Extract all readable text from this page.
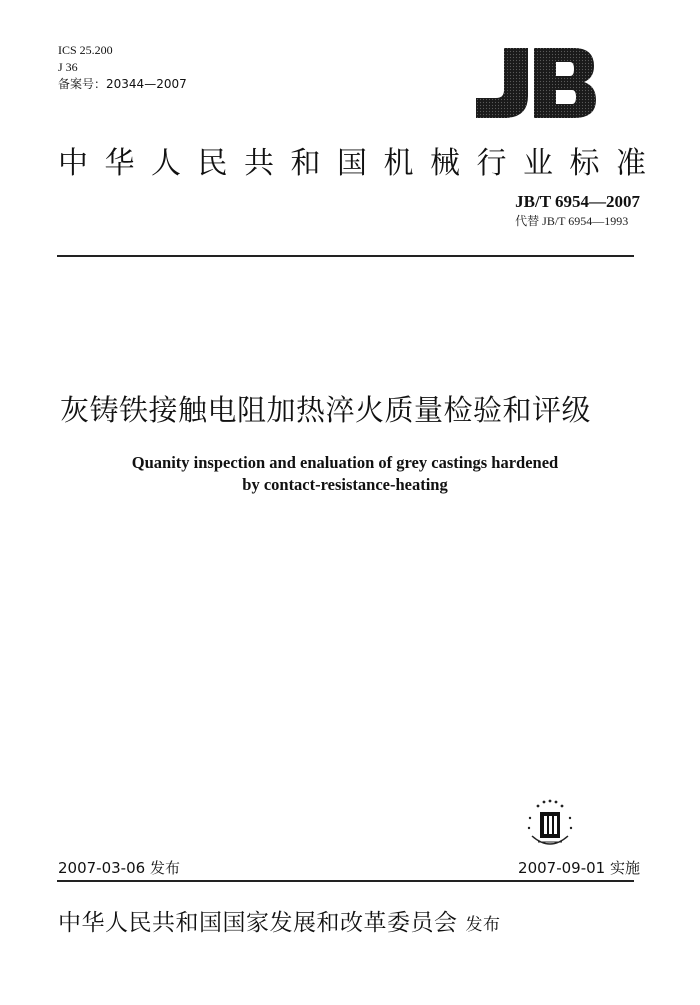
ICS 25.200
J 36
备案号：20344—2007
中华人民共和国机械行业标准
JB/T 6954—2007
代替 JB/T 6954—1993
灰铸铁接触电阻加热淬火质量检验和评级
Quanity inspection and enaluation of grey castings hardened
by contact-resistance-heating
2007-03-06 发布	2007-09-01 实施
中华人民共和国国家发展和改革委员会 发布
